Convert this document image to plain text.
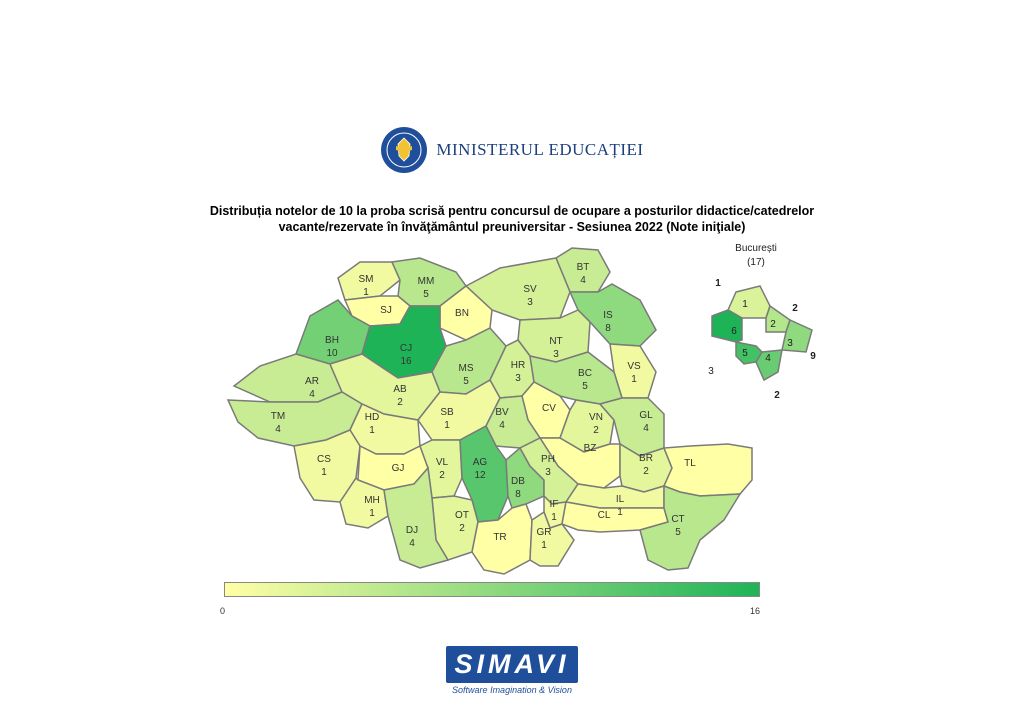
MINISTERUL EDUCAȚIEI
Distribuția notelor de 10 la proba scrisă pentru concursul de ocupare a posturilor didactice/catedrelor
vacante/rezervate în învăţământul preuniversitar - Sesiunea 2022 (Note iniţiale)
SM
1
MM
5
BT
4
SV
3
IS
8
SJ	BN
NT
3
BH
10	CJ
16	VS
1
MS
5
HR
3	BC
5
AR
4	AB
2
CV
VN
2
GL
4
TM
4
HD
1
SB
1
BV
4
BZ
BR
2
CS
1	GJ
VL
2
AG
12
DB
8
PH
3
TL
MH
1	OT
2
IF
1
IL
1
CL
DJ
4
TR	GR
1
CT
5
București
(17)
1
2
3
4
5
6
1
2
9
2
3
0	16
SIMAVI
Software Imagination & Vision
